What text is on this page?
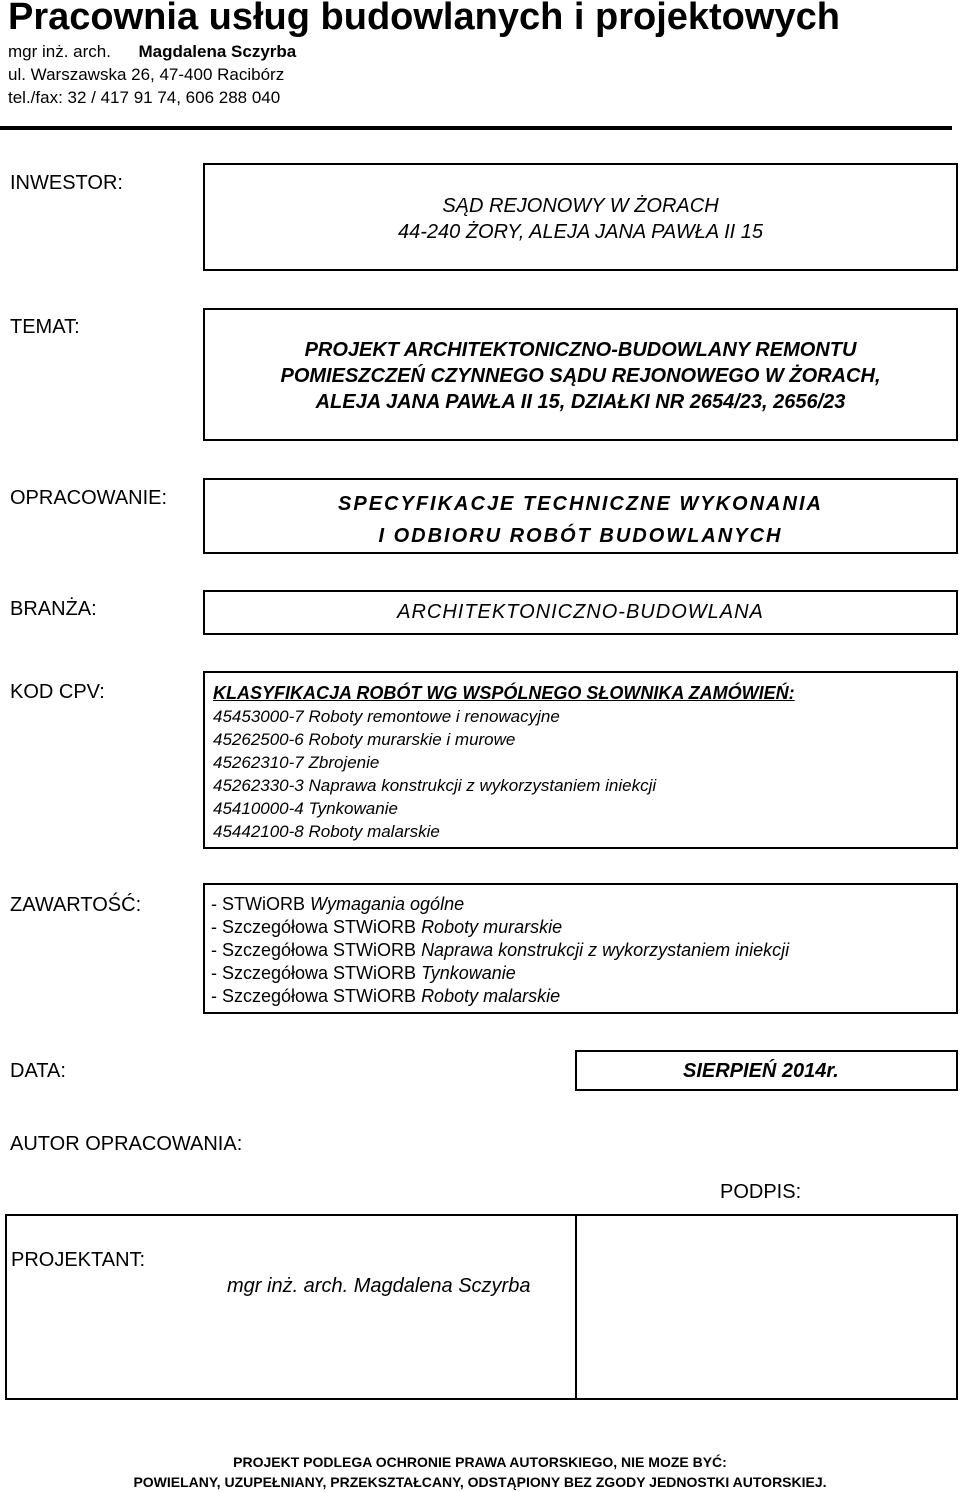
Pracownia usług budowlanych i projektowych
mgr inż. arch. Magdalena Sczyrba
ul. Warszawska 26, 47-400 Racibórz
tel./fax: 32 / 417 91 74, 606 288 040
INWESTOR:
SĄD REJONOWY W ŻORACH
44-240 ŻORY, ALEJA JANA PAWŁA II 15
TEMAT:
PROJEKT ARCHITEKTONICZNO-BUDOWLANY REMONTU
POMIESZCZEŃ CZYNNEGO SĄDU REJONOWEGO W ŻORACH,
ALEJA JANA PAWŁA II 15, DZIAŁKI NR 2654/23, 2656/23
OPRACOWANIE:	SPECYFIKACJE TECHNICZNE WYKONANIA
I ODBIORU ROBÓT BUDOWLANYCH
BRANŻA:	ARCHITEKTONICZNO-BUDOWLANA
KOD CPV:	KLASYFIKACJA ROBÓT WG WSPÓLNEGO SŁOWNIKA ZAMÓWIEŃ:
45453000-7 Roboty remontowe i renowacyjne
45262500-6 Roboty murarskie i murowe
45262310-7 Zbrojenie
45262330-3 Naprawa konstrukcji z wykorzystaniem iniekcji
45410000-4 Tynkowanie
45442100-8 Roboty malarskie
ZAWARTOŚĆ:	- STWiORB Wymagania ogólne
- Szczegółowa STWiORB Roboty murarskie
- Szczegółowa STWiORB Naprawa konstrukcji z wykorzystaniem iniekcji
- Szczegółowa STWiORB Tynkowanie
- Szczegółowa STWiORB Roboty malarskie
DATA:	SIERPIEŃ 2014r.
AUTOR OPRACOWANIA:
PODPIS:
PROJEKTANT:
mgr inż. arch. Magdalena Sczyrba
PROJEKT PODLEGA OCHRONIE PRAWA AUTORSKIEGO, NIE MOZE BYĆ:
POWIELANY, UZUPEŁNIANY, PRZEKSZTAŁCANY, ODSTĄPIONY BEZ ZGODY JEDNOSTKI AUTORSKIEJ.
